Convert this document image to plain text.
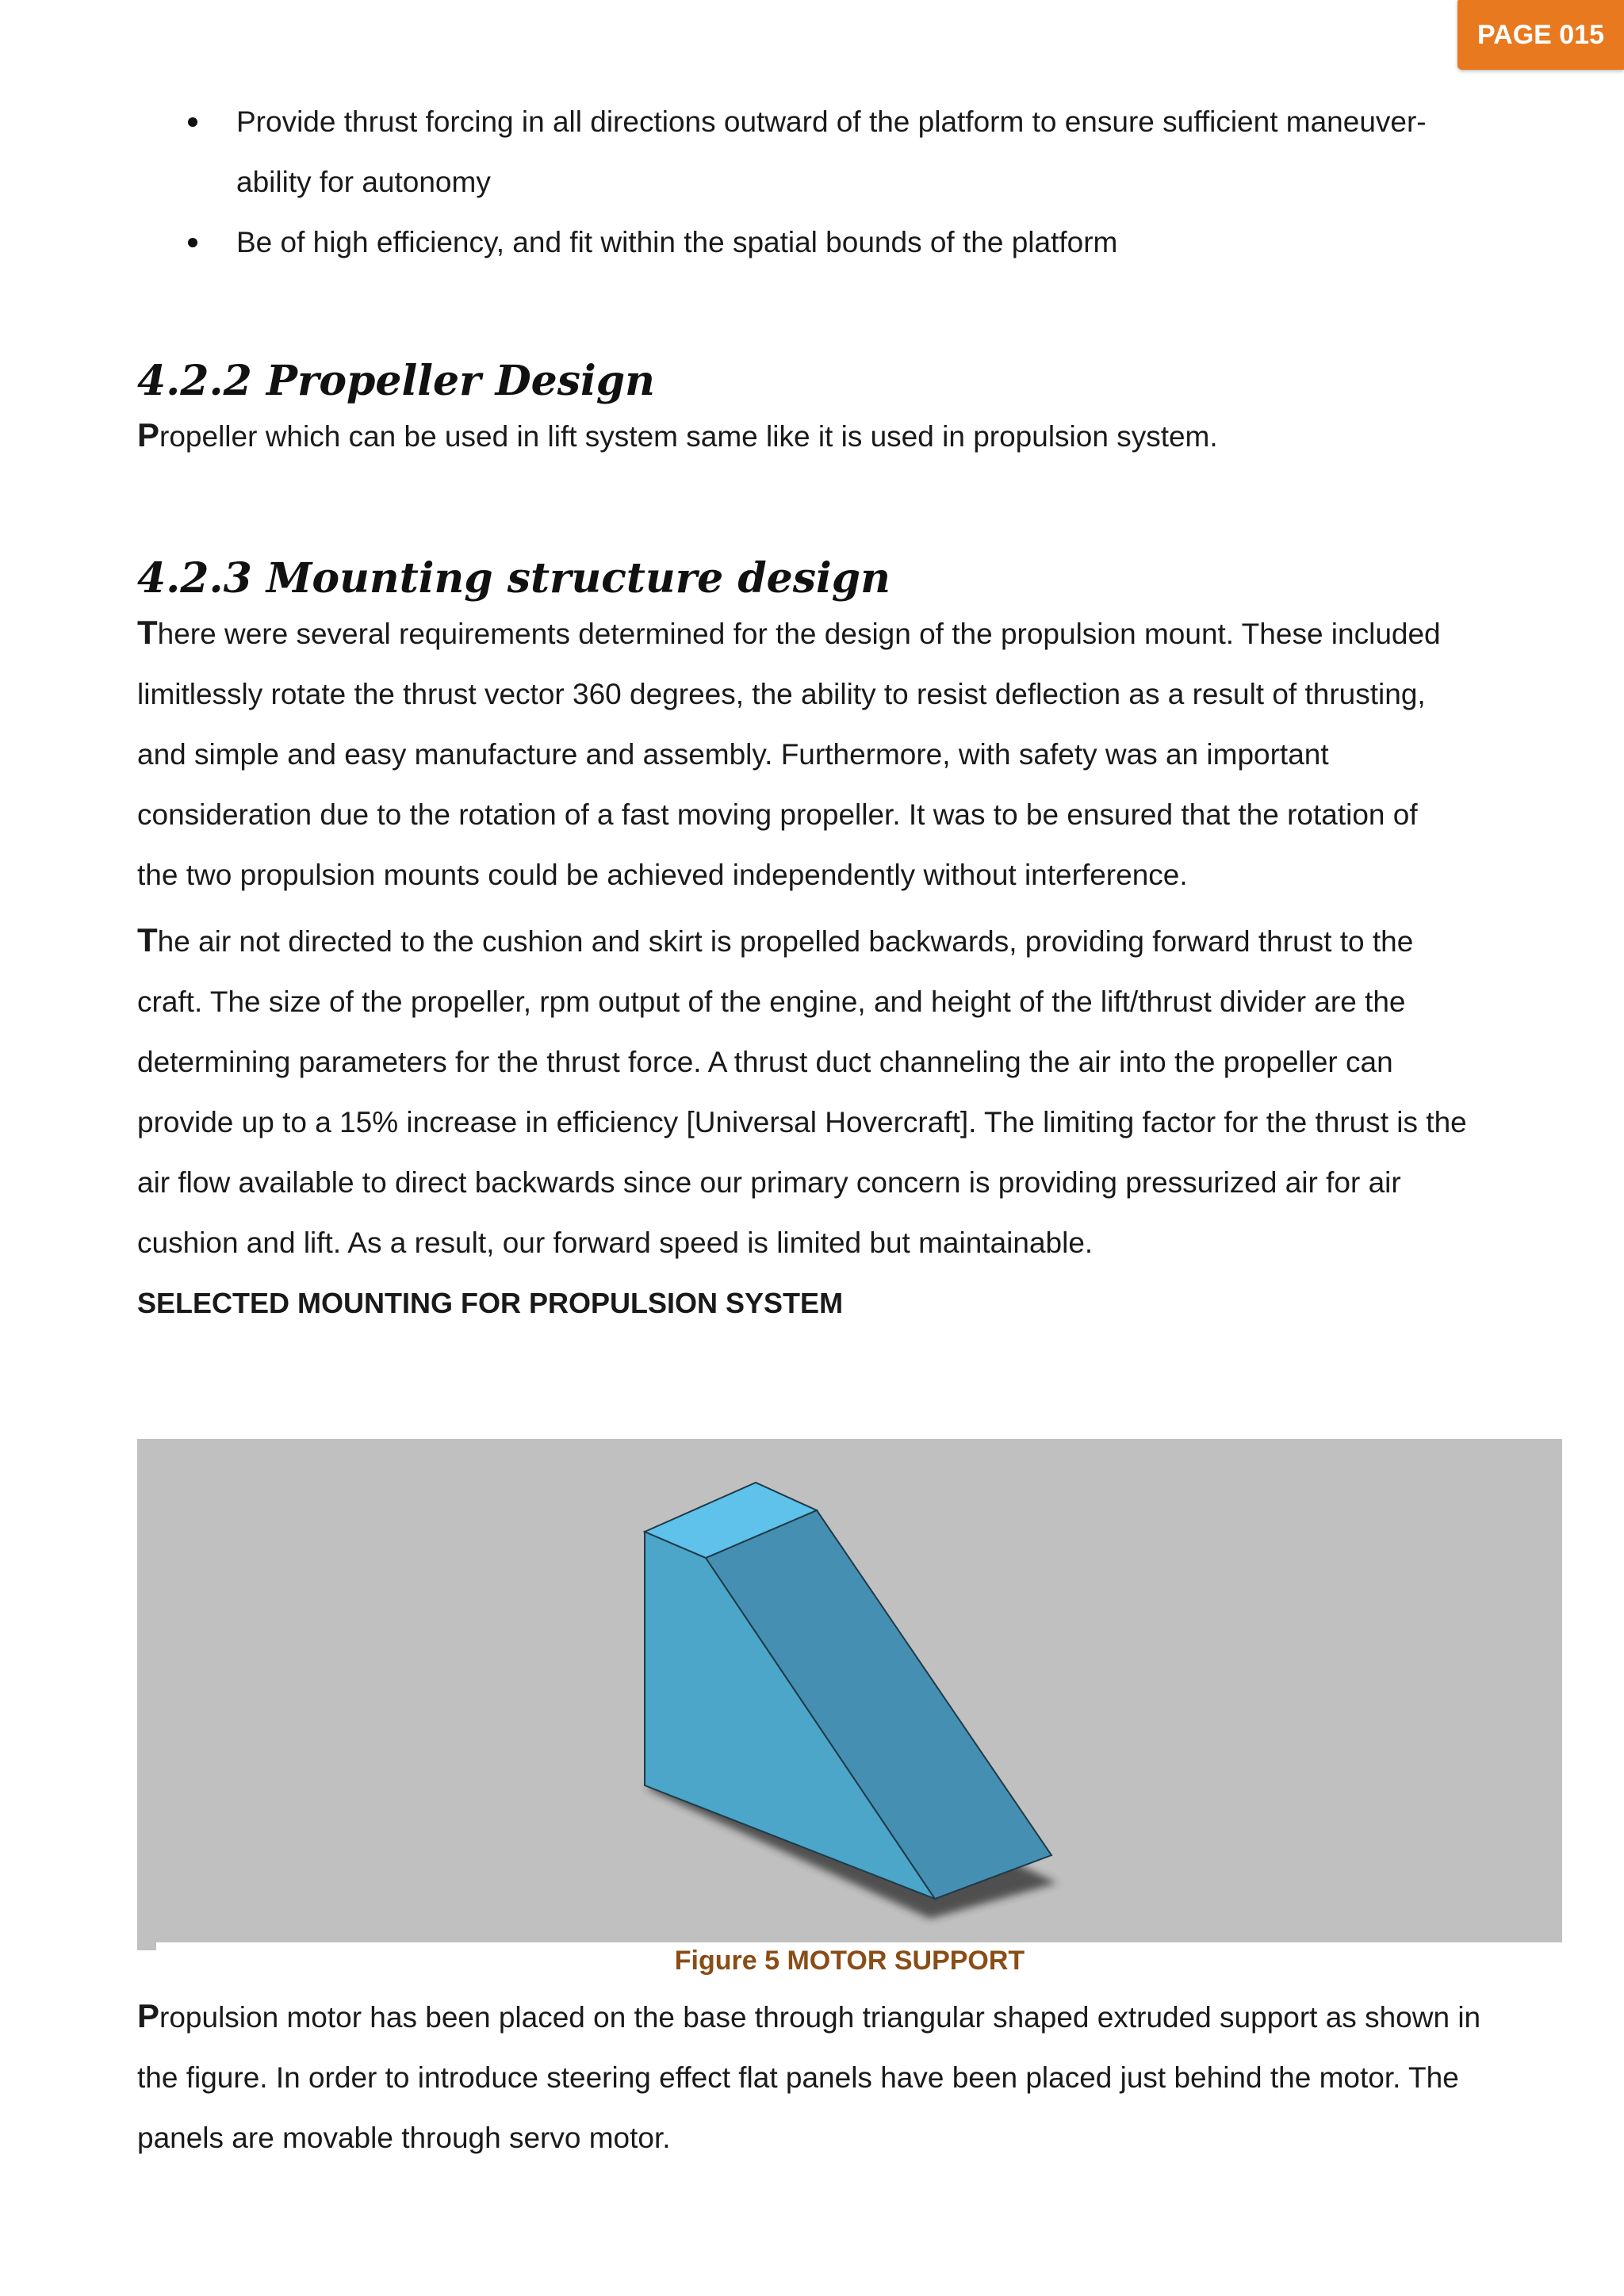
PAGE 015
Provide thrust forcing in all directions outward of the platform to ensure sufficient maneuver-
ability for autonomy
Be of high efficiency, and fit within the spatial bounds of the platform
4.2.2 Propeller Design

Propeller which can be used in lift system same like it is used in propulsion system.

4.2.3 Mounting structure design

There were several requirements determined for the design of the propulsion mount. These included
limitlessly rotate the thrust vector 360 degrees, the ability to resist deflection as a result of thrusting,
and simple and easy manufacture and assembly. Furthermore, with safety was an important
consideration due to the rotation of a fast moving propeller. It was to be ensured that the rotation of
the two propulsion mounts could be achieved independently without interference.

The air not directed to the cushion and skirt is propelled backwards, providing forward thrust to the
craft. The size of the propeller, rpm output of the engine, and height of the lift/thrust divider are the
determining parameters for the thrust force. A thrust duct channeling the air into the propeller can
provide up to a 15% increase in efficiency [Universal Hovercraft]. The limiting factor for the thrust is the
air flow available to direct backwards since our primary concern is providing pressurized air for air
cushion and lift. As a result, our forward speed is limited but maintainable.

SELECTED MOUNTING FOR PROPULSION SYSTEM

Figure 5 MOTOR SUPPORT

Propulsion motor has been placed on the base through triangular shaped extruded support as shown in
the figure. In order to introduce steering effect flat panels have been placed just behind the motor. The
panels are movable through servo motor.
